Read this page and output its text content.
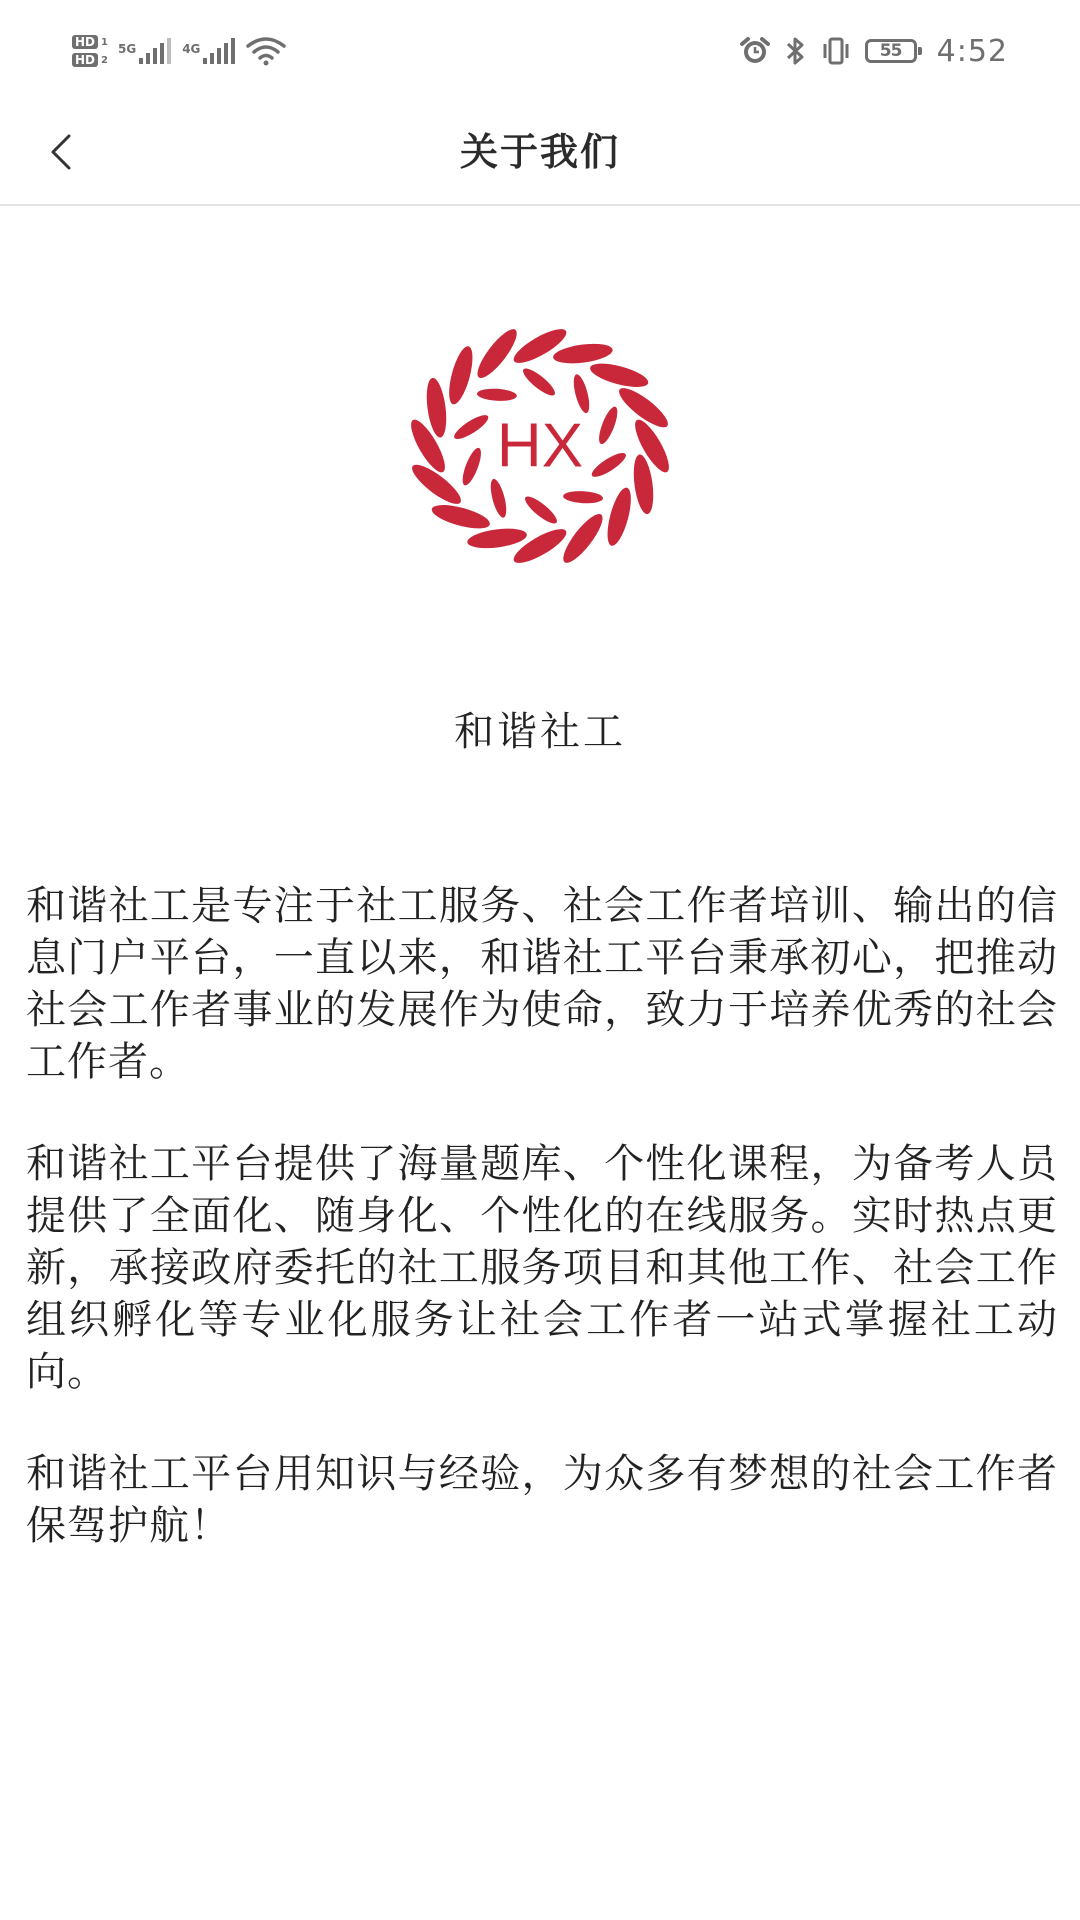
HD 1
HD 2
5G	4G	55 4:52
关于我们
HX
和谐社工

和谐社工是专注于社工服务、社会工作者培训、输出的信息门户平台，一直以来，和谐社工平台秉承初心，把推动社会工作者事业的发展作为使命，致力于培养优秀的社会工作者。

和谐社工平台提供了海量题库、个性化课程，为备考人员提供了全面化、随身化、个性化的在线服务。实时热点更新，承接政府委托的社工服务项目和其他工作、社会工作组织孵化等专业化服务让社会工作者一站式掌握社工动向。

和谐社工平台用知识与经验，为众多有梦想的社会工作者保驾护航！
